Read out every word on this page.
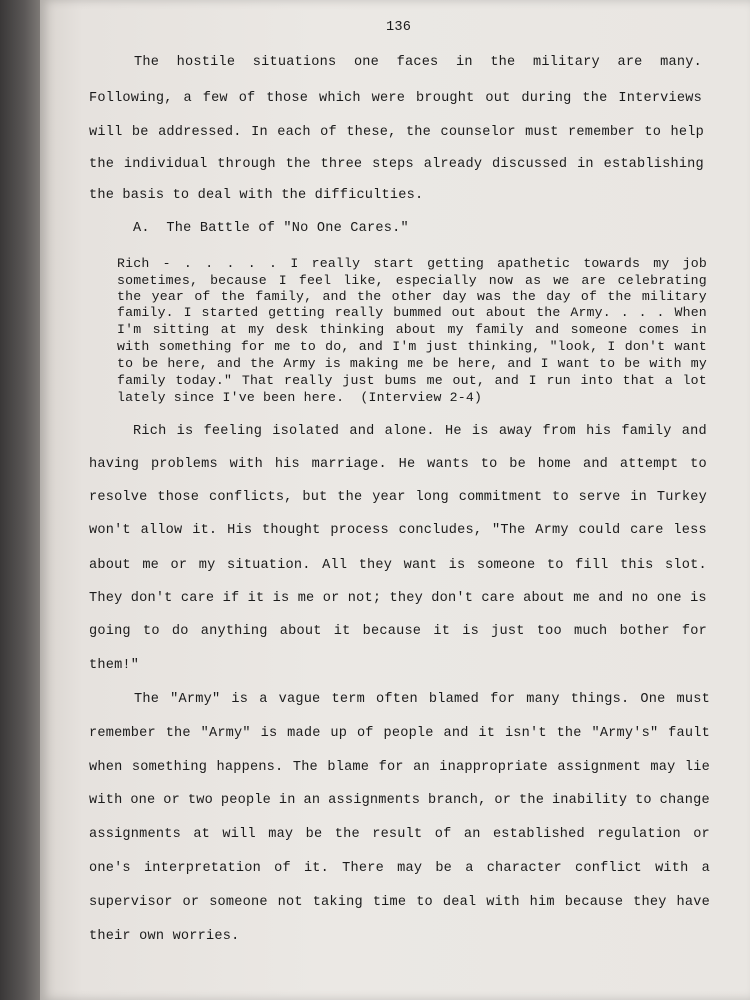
136
The hostile situations one faces in the military are many.
Following, a few of those which were brought out during the Interviews
will be addressed. In each of these, the counselor must remember to help
the individual through the three steps already discussed in establishing
the basis to deal with the difficulties.
A.  The Battle of "No One Cares."
Rich - . . . . . I really start getting apathetic towards my job
sometimes, because I feel like, especially now as we are celebrating
the year of the family, and the other day was the day of the military
family. I started getting really bummed out about the Army. . . . When
I'm sitting at my desk thinking about my family and someone comes in
with something for me to do, and I'm just thinking, "look, I don't want
to be here, and the Army is making me be here, and I want to be with my
family today." That really just bums me out, and I run into that a lot
lately since I've been here.  (Interview 2-4)
Rich is feeling isolated and alone. He is away from his family and
having problems with his marriage. He wants to be home and attempt to
resolve those conflicts, but the year long commitment to serve in Turkey
won't allow it. His thought process concludes, "The Army could care less
about me or my situation. All they want is someone to fill this slot.
They don't care if it is me or not; they don't care about me and no one is
going to do anything about it because it is just too much bother for
them!"
The "Army" is a vague term often blamed for many things. One must
remember the "Army" is made up of people and it isn't the "Army's" fault
when something happens. The blame for an inappropriate assignment may lie
with one or two people in an assignments branch, or the inability to change
assignments at will may be the result of an established regulation or
one's interpretation of it. There may be a character conflict with a
supervisor or someone not taking time to deal with him because they have
their own worries.
